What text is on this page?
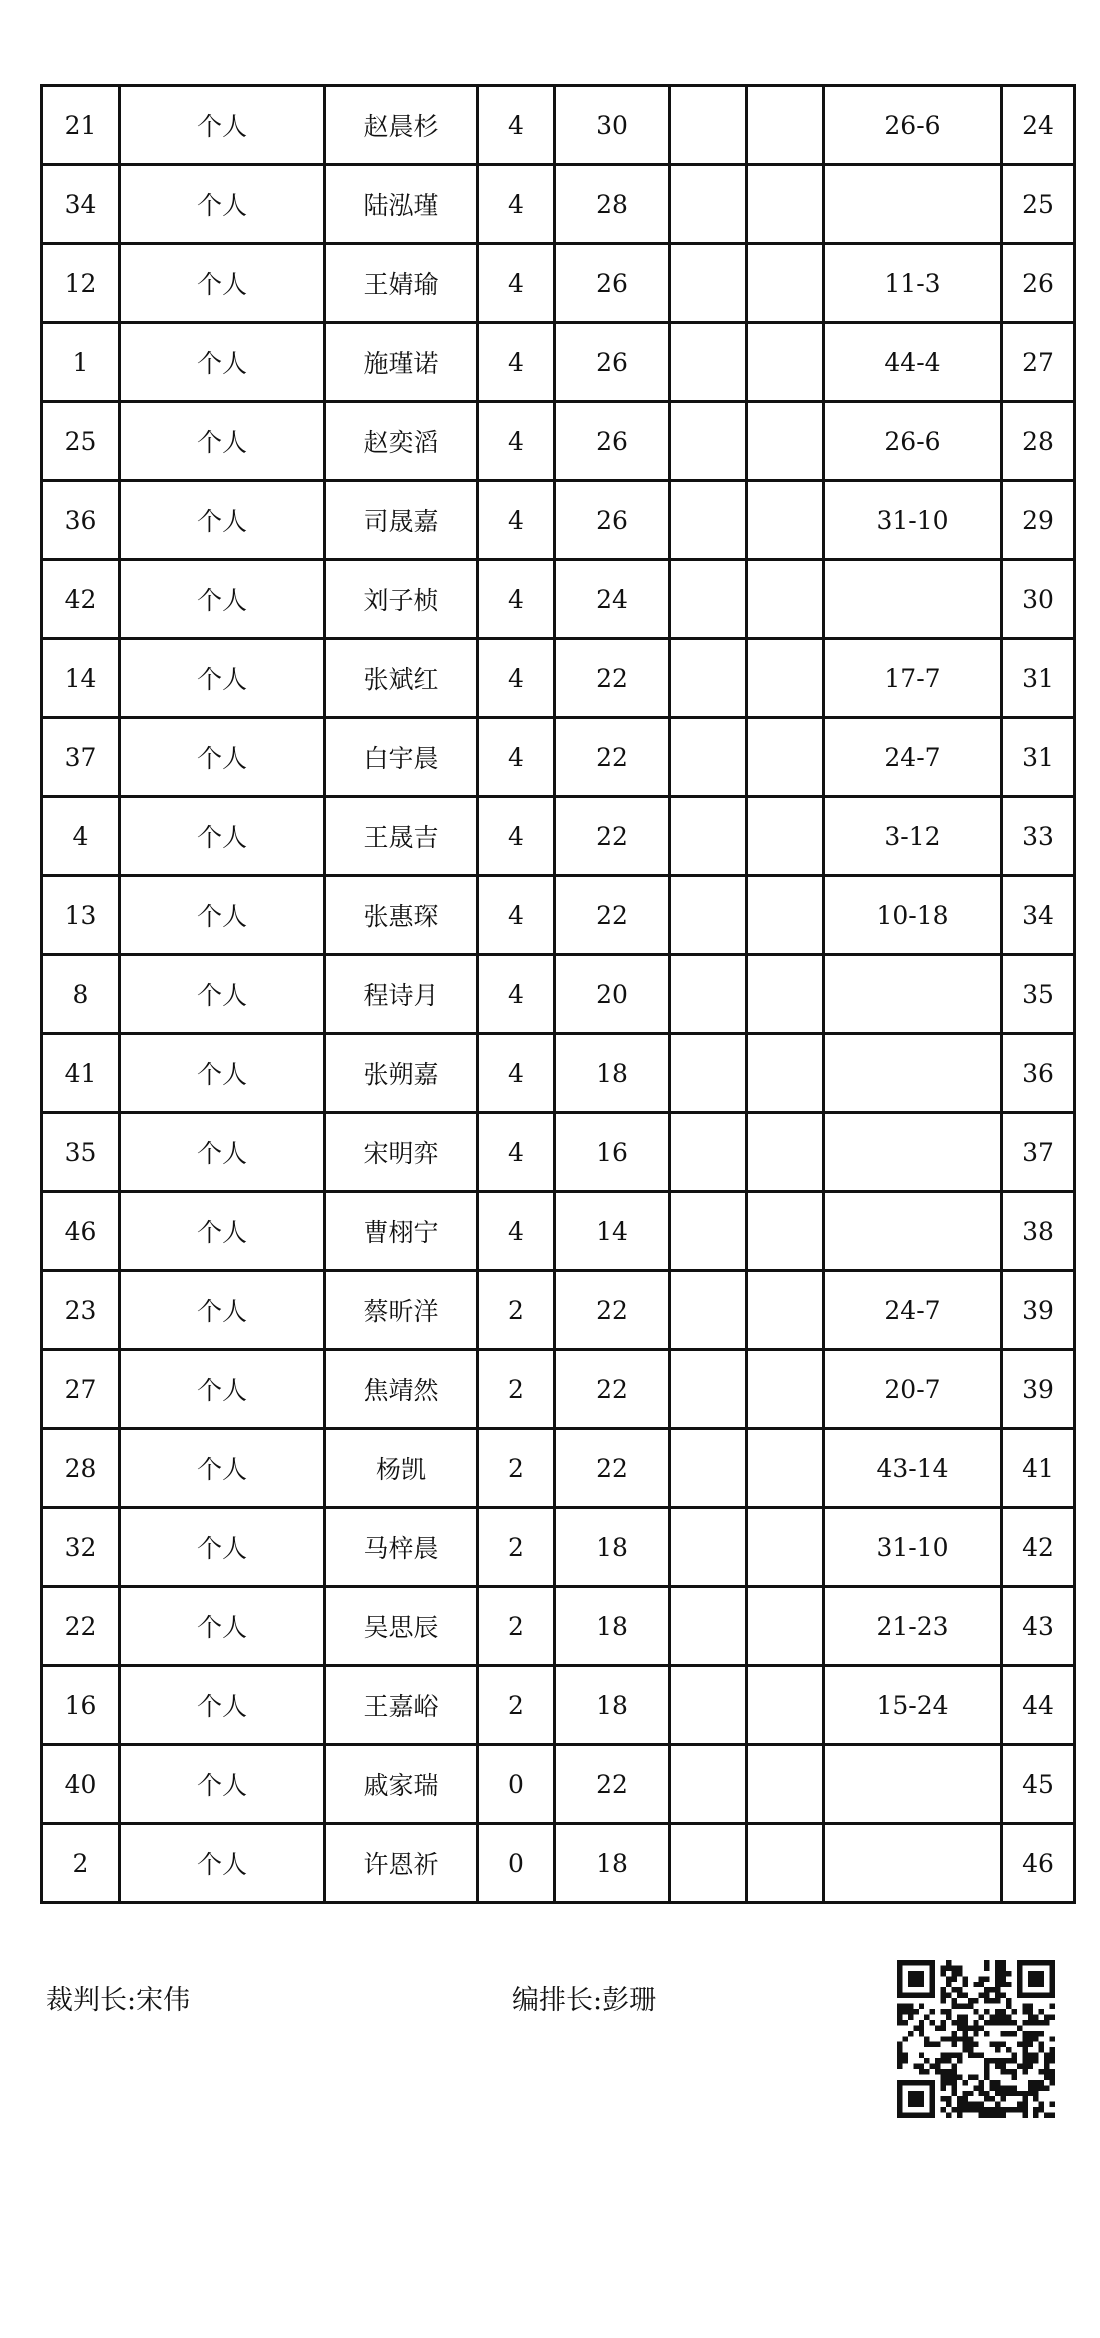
21	个人	赵晨杉	4	30			26-6	24
34	个人	陆泓瑾	4	28				25
12	个人	王婧瑜	4	26			11-3	26
1	个人	施瑾诺	4	26			44-4	27
25	个人	赵奕滔	4	26			26-6	28
36	个人	司晟嘉	4	26			31-10	29
42	个人	刘子桢	4	24				30
14	个人	张斌红	4	22			17-7	31
37	个人	白宇晨	4	22			24-7	31
4	个人	王晟吉	4	22			3-12	33
13	个人	张惠琛	4	22			10-18	34
8	个人	程诗月	4	20				35
41	个人	张朔嘉	4	18				36
35	个人	宋明弈	4	16				37
46	个人	曹栩宁	4	14				38
23	个人	蔡昕洋	2	22			24-7	39
27	个人	焦靖然	2	22			20-7	39
28	个人	杨凯	2	22			43-14	41
32	个人	马梓晨	2	18			31-10	42
22	个人	吴思辰	2	18			21-23	43
16	个人	王嘉峪	2	18			15-24	44
40	个人	戚家瑞	0	22				45
2	个人	许恩祈	0	18				46
裁判长:宋伟	编排长:彭珊
